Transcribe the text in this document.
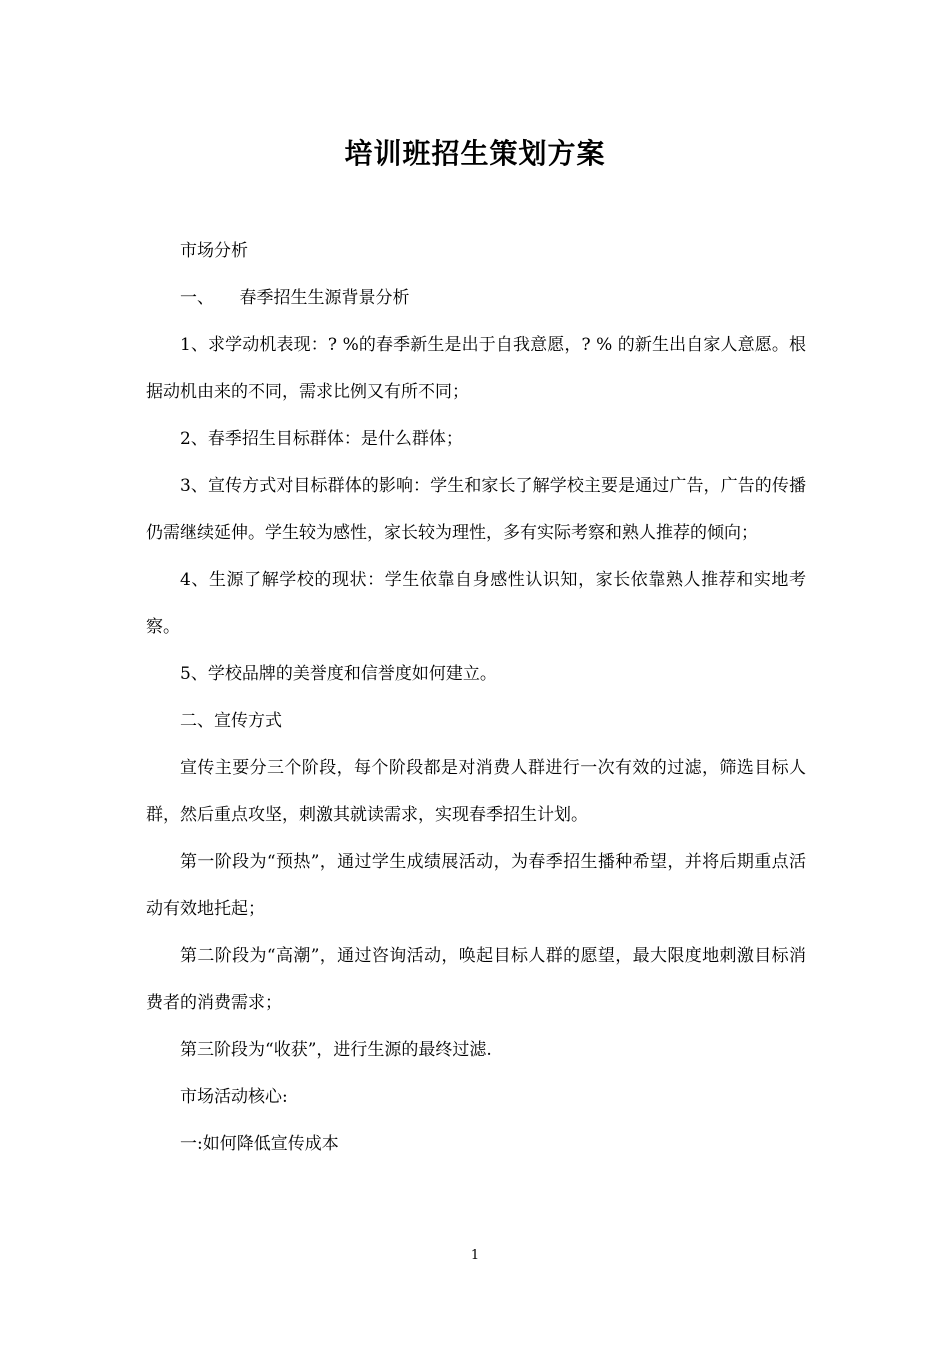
培训班招生策划方案

市场分析

一、　　春季招生生源背景分析

1、求学动机表现：? %的春季新生是出于自我意愿，? % 的新生出自家人意愿。根据动机由来的不同，需求比例又有所不同；

2、春季招生目标群体：是什么群体；

3、宣传方式对目标群体的影响：学生和家长了解学校主要是通过广告，广告的传播仍需继续延伸。学生较为感性，家长较为理性，多有实际考察和熟人推荐的倾向；

4、生源了解学校的现状：学生依靠自身感性认识知，家长依靠熟人推荐和实地考察。

5、学校品牌的美誉度和信誉度如何建立。

二、宣传方式

宣传主要分三个阶段，每个阶段都是对消费人群进行一次有效的过滤，筛选目标人群，然后重点攻坚，刺激其就读需求，实现春季招生计划。

第一阶段为“预热”，通过学生成绩展活动，为春季招生播种希望，并将后期重点活动有效地托起；

第二阶段为“高潮”，通过咨询活动，唤起目标人群的愿望，最大限度地刺激目标消费者的消费需求；

第三阶段为“收获”，进行生源的最终过滤.

市场活动核心:

一:如何降低宣传成本

1
